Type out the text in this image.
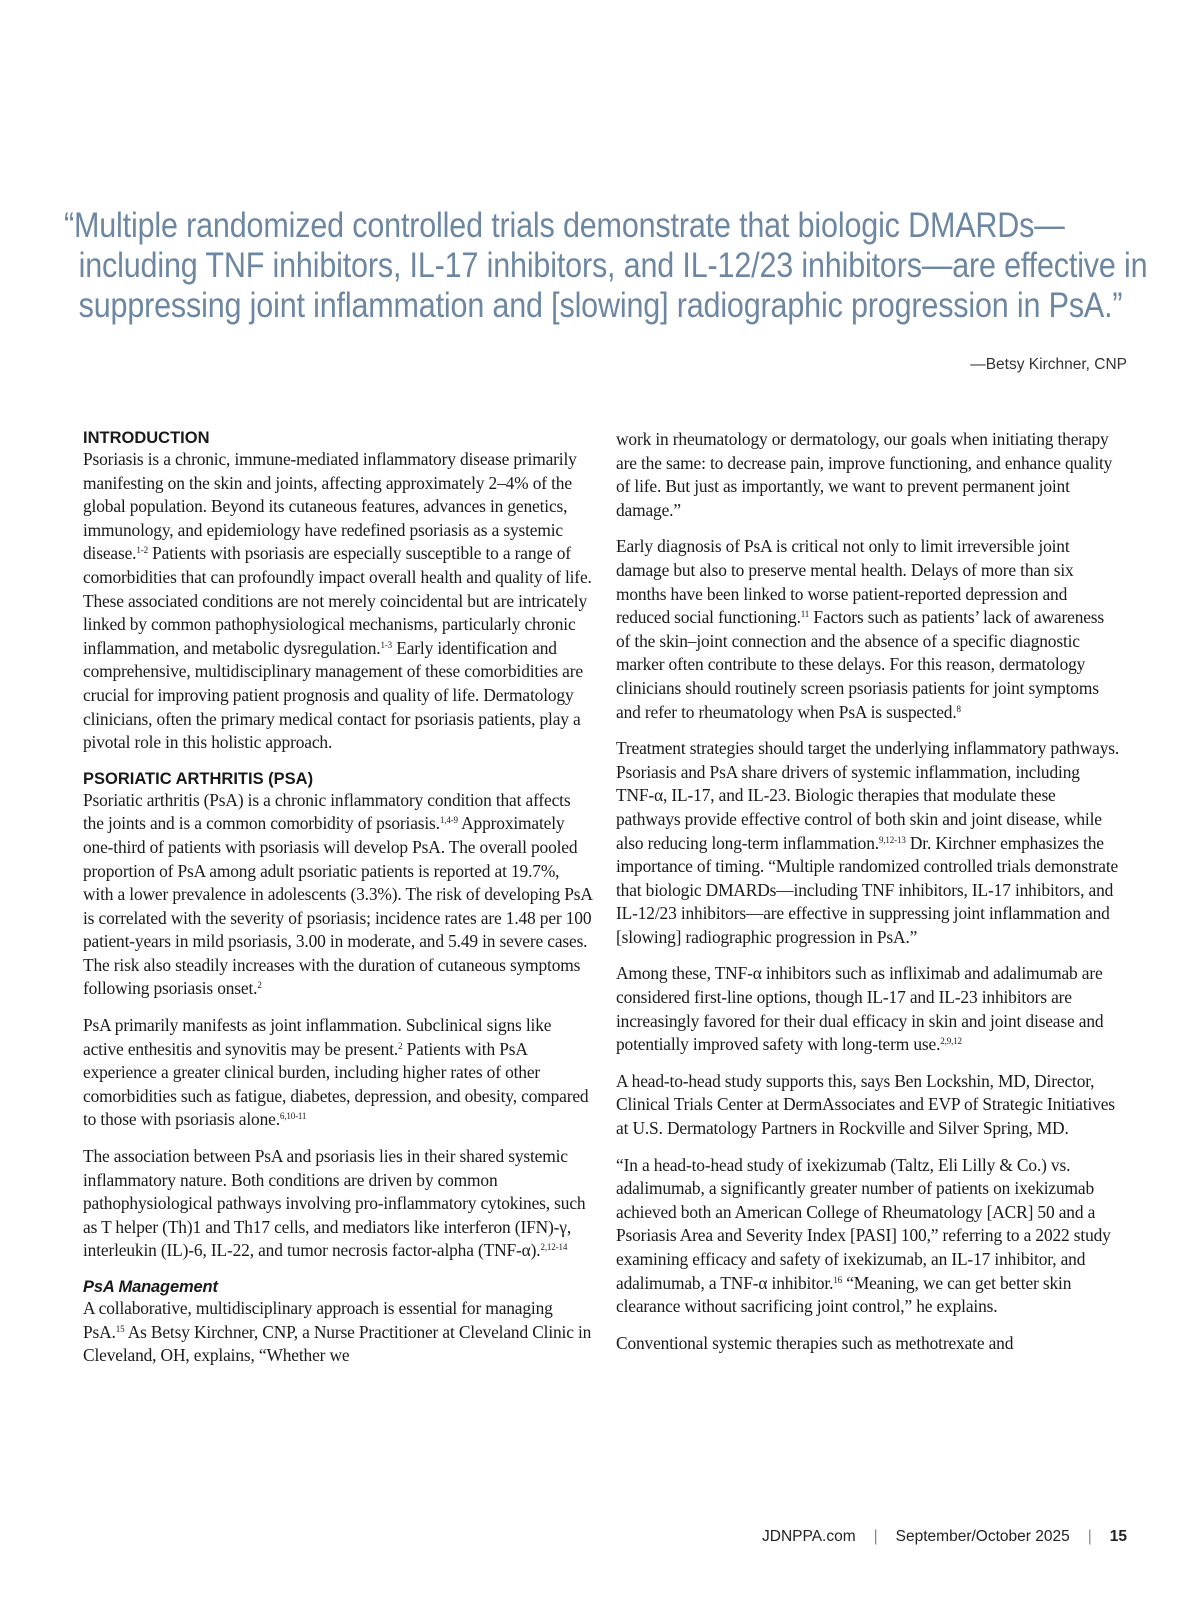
“Multiple randomized controlled trials demonstrate that biologic DMARDs—
including TNF inhibitors, IL-17 inhibitors, and IL-12/23 inhibitors—are effective in
suppressing joint inflammation and [slowing] radiographic progression in PsA.”
—Betsy Kirchner, CNP
INTRODUCTION

Psoriasis is a chronic, immune-mediated inflammatory disease primarily manifesting on the skin and joints, affecting approximately 2–4% of the global population. Beyond its cutaneous features, advances in genetics, immunology, and epidemiology have redefined psoriasis as a systemic disease.$^{1-2}$ Patients with psoriasis are especially susceptible to a range of comorbidities that can profoundly impact overall health and quality of life. These associated conditions are not merely coincidental but are intricately linked by common pathophysiological mechanisms, particularly chronic inflammation, and metabolic dysregulation.$^{1-3}$ Early identification and comprehensive, multidisciplinary management of these comorbidities are crucial for improving patient prognosis and quality of life. Dermatology clinicians, often the primary medical contact for psoriasis patients, play a pivotal role in this holistic approach.

PSORIATIC ARTHRITIS (PSA)

Psoriatic arthritis (PsA) is a chronic inflammatory condition that affects the joints and is a common comorbidity of psoriasis.$^{1,4-9}$ Approximately one-third of patients with psoriasis will develop PsA. The overall pooled proportion of PsA among adult psoriatic patients is reported at 19.7%, with a lower prevalence in adolescents (3.3%). The risk of developing PsA is correlated with the severity of psoriasis; incidence rates are 1.48 per 100 patient-years in mild psoriasis, 3.00 in moderate, and 5.49 in severe cases. The risk also steadily increases with the duration of cutaneous symptoms following psoriasis onset.$^2$

PsA primarily manifests as joint inflammation. Subclinical signs like active enthesitis and synovitis may be present.$^2$ Patients with PsA experience a greater clinical burden, including higher rates of other comorbidities such as fatigue, diabetes, depression, and obesity, compared to those with psoriasis alone.$^{6,10-11}$

The association between PsA and psoriasis lies in their shared systemic inflammatory nature. Both conditions are driven by common pathophysiological pathways involving pro-inflammatory cytokines, such as T helper (Th)1 and Th17 cells, and mediators like interferon (IFN)-γ, interleukin (IL)-6, IL-22, and tumor necrosis factor-alpha (TNF-α).$^{2,12-14}$

PsA Management

A collaborative, multidisciplinary approach is essential for managing PsA.$^{15}$ As Betsy Kirchner, CNP, a Nurse Practitioner at Cleveland Clinic in Cleveland, OH, explains, “Whether we

work in rheumatology or dermatology, our goals when initiating therapy are the same: to decrease pain, improve functioning, and enhance quality of life. But just as importantly, we want to prevent permanent joint damage.”

Early diagnosis of PsA is critical not only to limit irreversible joint damage but also to preserve mental health. Delays of more than six months have been linked to worse patient-reported depression and reduced social functioning.$^{11}$ Factors such as patients’ lack of awareness of the skin–joint connection and the absence of a specific diagnostic marker often contribute to these delays. For this reason, dermatology clinicians should routinely screen psoriasis patients for joint symptoms and refer to rheumatology when PsA is suspected.$^8$

Treatment strategies should target the underlying inflammatory pathways. Psoriasis and PsA share drivers of systemic inflammation, including TNF-α, IL-17, and IL-23. Biologic therapies that modulate these pathways provide effective control of both skin and joint disease, while also reducing long-term inflammation.$^{9,12-13}$ Dr. Kirchner emphasizes the importance of timing. “Multiple randomized controlled trials demonstrate that biologic DMARDs—including TNF inhibitors, IL-17 inhibitors, and IL-12/23 inhibitors—are effective in suppressing joint inflammation and [slowing] radiographic progression in PsA.”

Among these, TNF-α inhibitors such as infliximab and adalimumab are considered first-line options, though IL-17 and IL-23 inhibitors are increasingly favored for their dual efficacy in skin and joint disease and potentially improved safety with long-term use.$^{2,9,12}$

A head-to-head study supports this, says Ben Lockshin, MD, Director, Clinical Trials Center at DermAssociates and EVP of Strategic Initiatives at U.S. Dermatology Partners in Rockville and Silver Spring, MD.

“In a head-to-head study of ixekizumab (Taltz, Eli Lilly & Co.) vs. adalimumab, a significantly greater number of patients on ixekizumab achieved both an American College of Rheumatology [ACR] 50 and a Psoriasis Area and Severity Index [PASI] 100,” referring to a 2022 study examining efficacy and safety of ixekizumab, an IL-17 inhibitor, and adalimumab, a TNF-α inhibitor.$^{16}$ “Meaning, we can get better skin clearance without sacrificing joint control,” he explains.

Conventional systemic therapies such as methotrexate and

JDNPPA.com | September/October 2025 | 15
